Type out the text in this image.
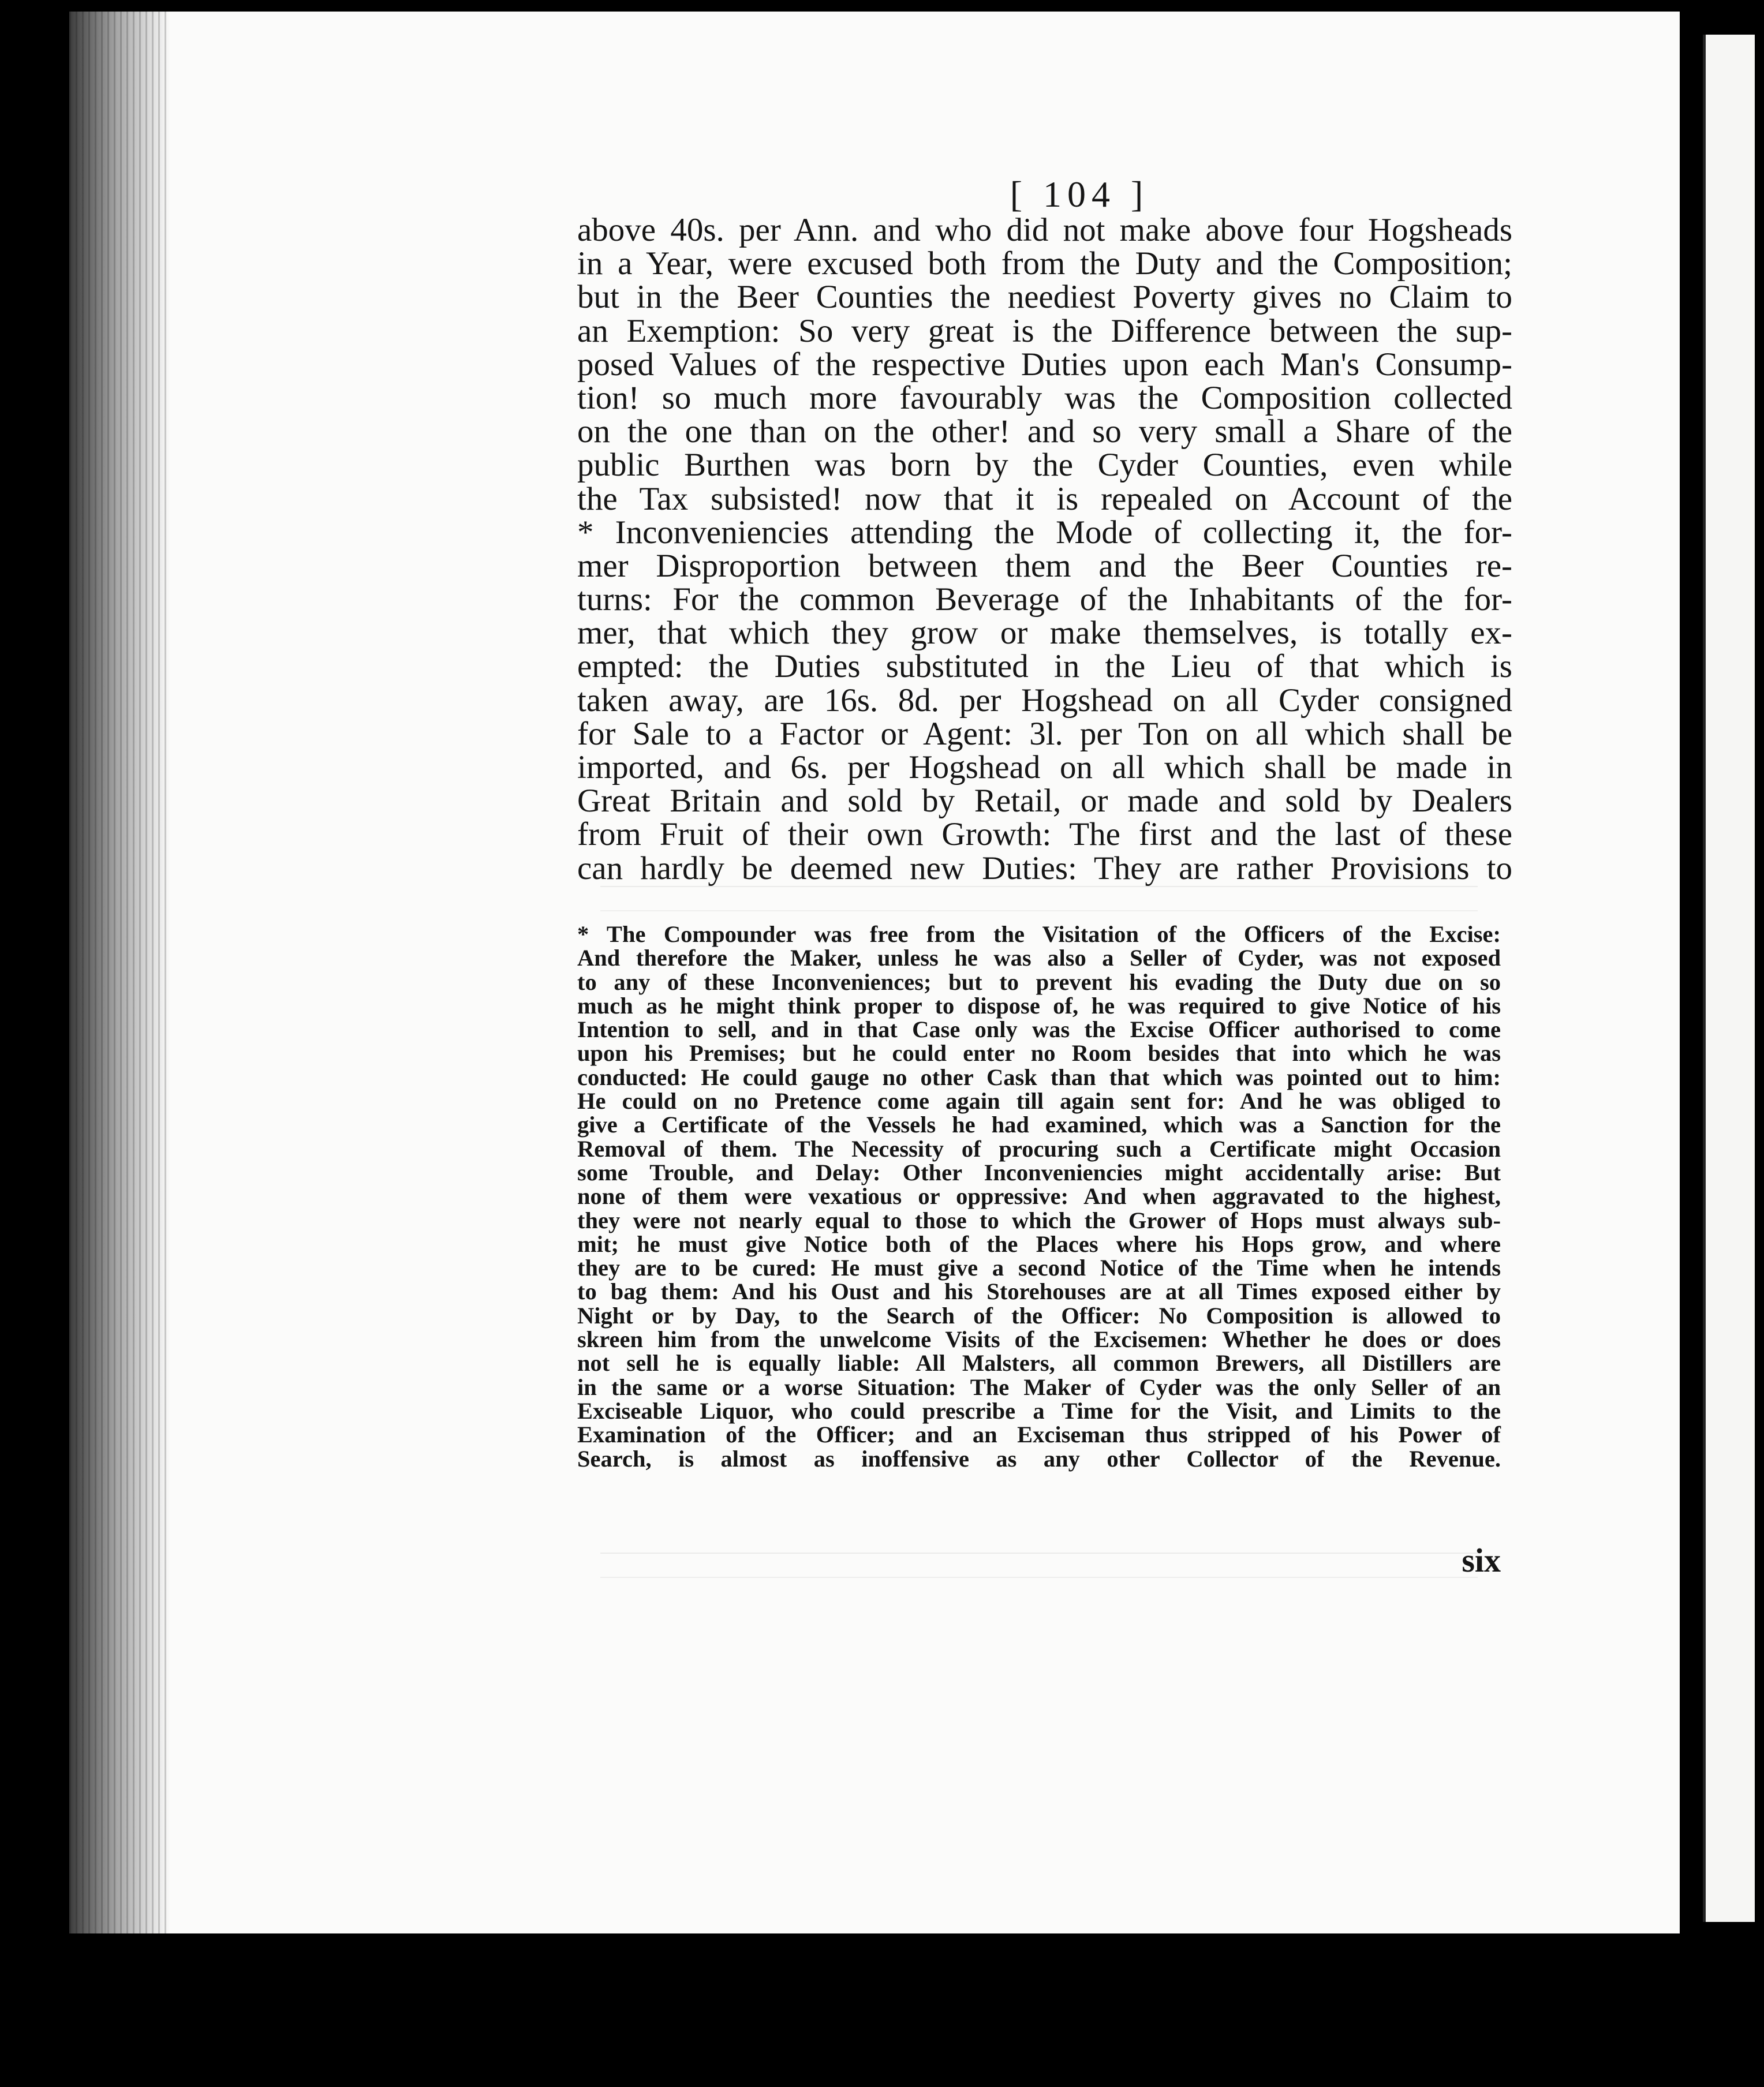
[ 104 ]
above 40s. per Ann. and who did not make above four Hogsheads
in a Year, were excused both from the Duty and the Composition;
but in the Beer Counties the neediest Poverty gives no Claim to
an Exemption: So very great is the Difference between the sup-
posed Values of the respective Duties upon each Man's Consump-
tion! so much more favourably was the Composition collected
on the one than on the other! and so very small a Share of the
public Burthen was born by the Cyder Counties, even while
the Tax subsisted! now that it is repealed on Account of the
* Inconveniencies attending the Mode of collecting it, the for-
mer Disproportion between them and the Beer Counties re-
turns: For the common Beverage of the Inhabitants of the for-
mer, that which they grow or make themselves, is totally ex-
empted: the Duties substituted in the Lieu of that which is
taken away, are 16s. 8d. per Hogshead on all Cyder consigned
for Sale to a Factor or Agent: 3l. per Ton on all which shall be
imported, and 6s. per Hogshead on all which shall be made in
Great Britain and sold by Retail, or made and sold by Dealers
from Fruit of their own Growth: The first and the last of these
can hardly be deemed new Duties: They are rather Provisions to
* The Compounder was free from the Visitation of the Officers of the Excise:
And therefore the Maker, unless he was also a Seller of Cyder, was not exposed
to any of these Inconveniences; but to prevent his evading the Duty due on so
much as he might think proper to dispose of, he was required to give Notice of his
Intention to sell, and in that Case only was the Excise Officer authorised to come
upon his Premises; but he could enter no Room besides that into which he was
conducted: He could gauge no other Cask than that which was pointed out to him:
He could on no Pretence come again till again sent for: And he was obliged to
give a Certificate of the Vessels he had examined, which was a Sanction for the
Removal of them. The Necessity of procuring such a Certificate might Occasion
some Trouble, and Delay: Other Inconveniencies might accidentally arise: But
none of them were vexatious or oppressive: And when aggravated to the highest,
they were not nearly equal to those to which the Grower of Hops must always sub-
mit; he must give Notice both of the Places where his Hops grow, and where
they are to be cured: He must give a second Notice of the Time when he intends
to bag them: And his Oust and his Storehouses are at all Times exposed either by
Night or by Day, to the Search of the Officer: No Composition is allowed to
skreen him from the unwelcome Visits of the Excisemen: Whether he does or does
not sell he is equally liable: All Malsters, all common Brewers, all Distillers are
in the same or a worse Situation: The Maker of Cyder was the only Seller of an
Exciseable Liquor, who could prescribe a Time for the Visit, and Limits to the
Examination of the Officer; and an Exciseman thus stripped of his Power of
Search, is almost as inoffensive as any other Collector of the Revenue.

six
